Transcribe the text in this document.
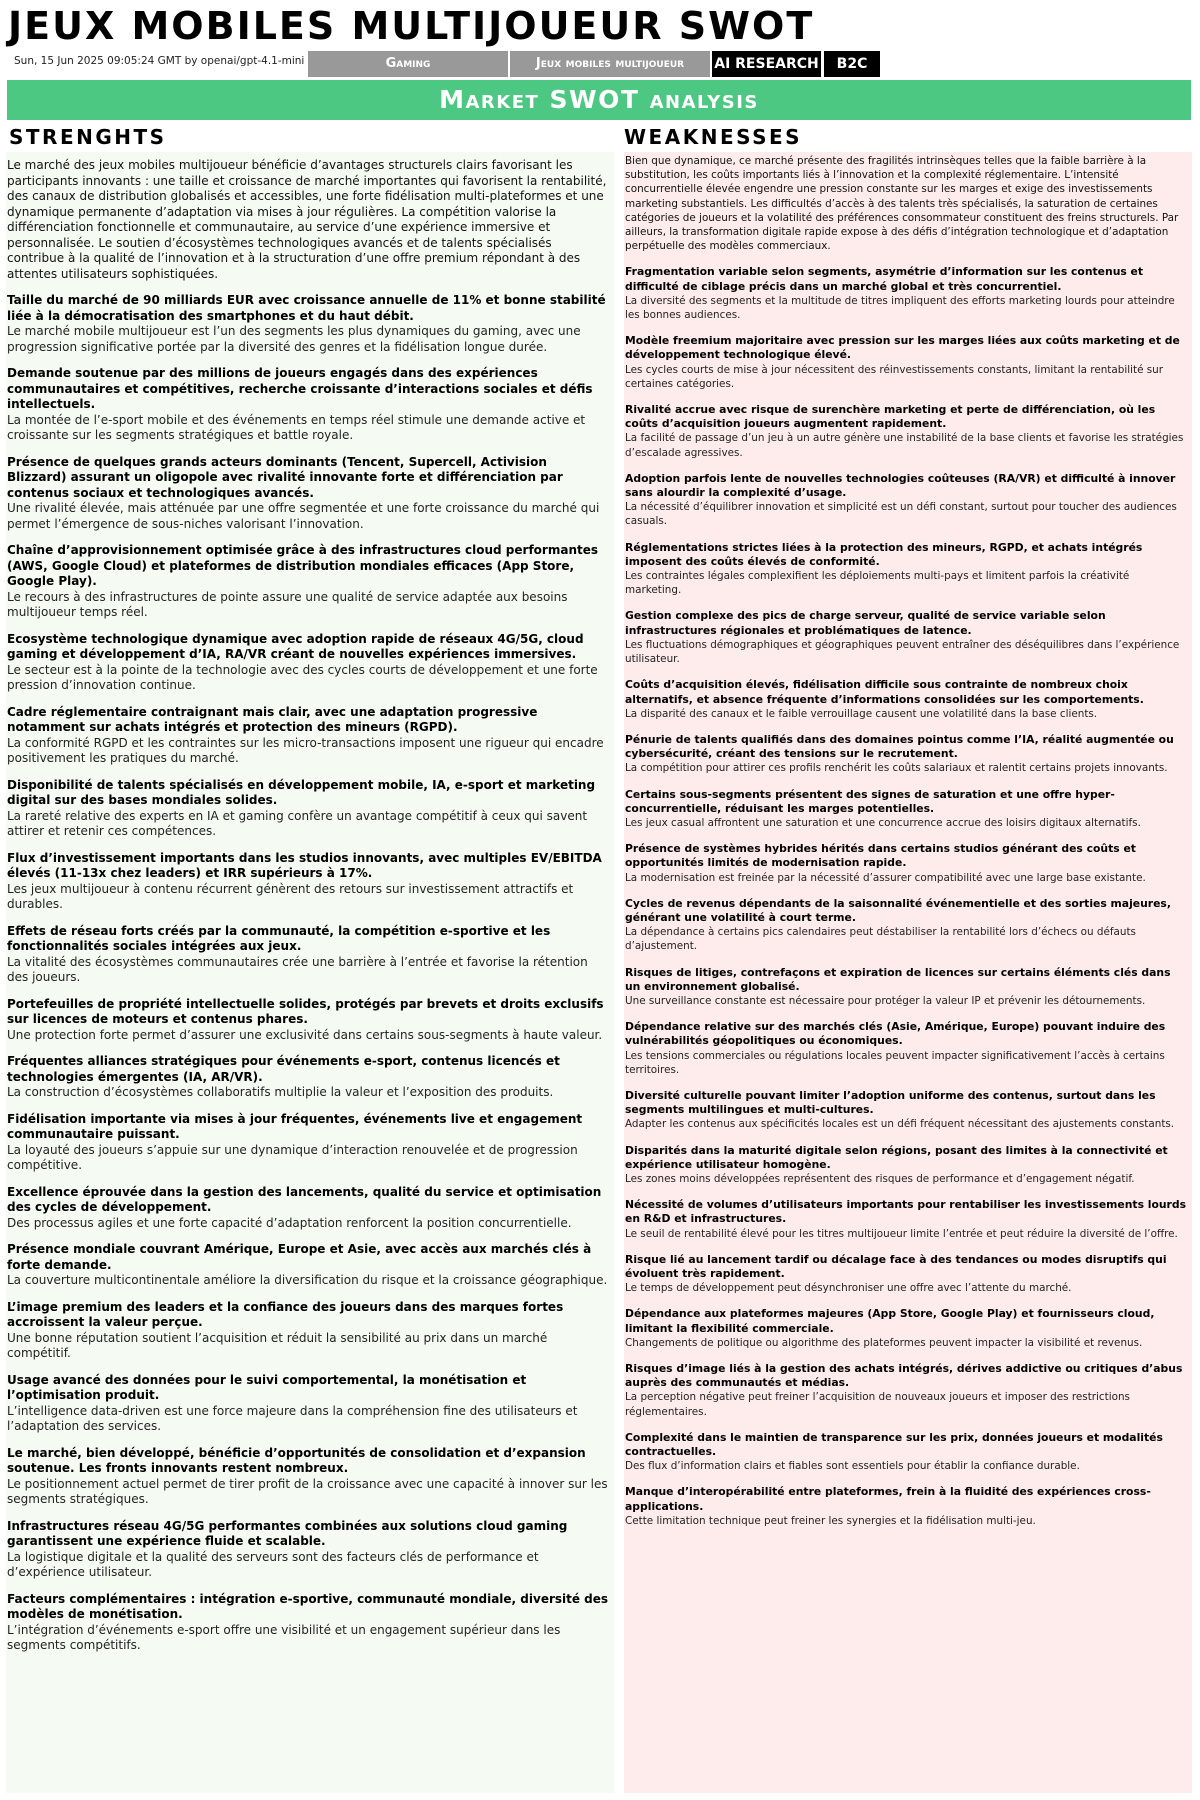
JEUX MOBILES MULTIJOUEUR SWOT
Sun, 15 Jun 2025 09:05:24 GMT by openai/gpt-4.1-mini	Gaming	Jeux mobiles multijoueur	AI RESEARCH	B2C
Market SWOT analysis
STRENGHTS	WEAKNESSES

Le marché des jeux mobiles multijoueur bénéficie d’avantages structurels clairs favorisant les participants innovants : une taille et croissance de marché importantes qui favorisent la rentabilité, des canaux de distribution globalisés et accessibles, une forte fidélisation multi-plateformes et une dynamique permanente d’adaptation via mises à jour régulières. La compétition valorise la différenciation fonctionnelle et communautaire, au service d’une expérience immersive et personnalisée. Le soutien d’écosystèmes technologiques avancés et de talents spécialisés contribue à la qualité de l’innovation et à la structuration d’une offre premium répondant à des attentes utilisateurs sophistiquées.

Taille du marché de 90 milliards EUR avec croissance annuelle de 11% et bonne stabilité liée à la démocratisation des smartphones et du haut débit.
Le marché mobile multijoueur est l’un des segments les plus dynamiques du gaming, avec une progression significative portée par la diversité des genres et la fidélisation longue durée.
Demande soutenue par des millions de joueurs engagés dans des expériences communautaires et compétitives, recherche croissante d’interactions sociales et défis intellectuels.
La montée de l’e-sport mobile et des événements en temps réel stimule une demande active et croissante sur les segments stratégiques et battle royale.
Présence de quelques grands acteurs dominants (Tencent, Supercell, Activision Blizzard) assurant un oligopole avec rivalité innovante forte et différenciation par contenus sociaux et technologiques avancés.
Une rivalité élevée, mais atténuée par une offre segmentée et une forte croissance du marché qui permet l’émergence de sous-niches valorisant l’innovation.
Chaîne d’approvisionnement optimisée grâce à des infrastructures cloud performantes (AWS, Google Cloud) et plateformes de distribution mondiales efficaces (App Store, Google Play).
Le recours à des infrastructures de pointe assure une qualité de service adaptée aux besoins multijoueur temps réel.
Ecosystème technologique dynamique avec adoption rapide de réseaux 4G/5G, cloud gaming et développement d’IA, RA/VR créant de nouvelles expériences immersives.
Le secteur est à la pointe de la technologie avec des cycles courts de développement et une forte pression d’innovation continue.
Cadre réglementaire contraignant mais clair, avec une adaptation progressive notamment sur achats intégrés et protection des mineurs (RGPD).
La conformité RGPD et les contraintes sur les micro-transactions imposent une rigueur qui encadre positivement les pratiques du marché.
Disponibilité de talents spécialisés en développement mobile, IA, e-sport et marketing digital sur des bases mondiales solides.
La rareté relative des experts en IA et gaming confère un avantage compétitif à ceux qui savent attirer et retenir ces compétences.
Flux d’investissement importants dans les studios innovants, avec multiples EV/EBITDA élevés (11-13x chez leaders) et IRR supérieurs à 17%.
Les jeux multijoueur à contenu récurrent génèrent des retours sur investissement attractifs et durables.
Effets de réseau forts créés par la communauté, la compétition e-sportive et les fonctionnalités sociales intégrées aux jeux.
La vitalité des écosystèmes communautaires crée une barrière à l’entrée et favorise la rétention des joueurs.
Portefeuilles de propriété intellectuelle solides, protégés par brevets et droits exclusifs sur licences de moteurs et contenus phares.
Une protection forte permet d’assurer une exclusivité dans certains sous-segments à haute valeur.
Fréquentes alliances stratégiques pour événements e-sport, contenus licencés et technologies émergentes (IA, AR/VR).
La construction d’écosystèmes collaboratifs multiplie la valeur et l’exposition des produits.
Fidélisation importante via mises à jour fréquentes, événements live et engagement communautaire puissant.
La loyauté des joueurs s’appuie sur une dynamique d’interaction renouvelée et de progression compétitive.
Excellence éprouvée dans la gestion des lancements, qualité du service et optimisation des cycles de développement.
Des processus agiles et une forte capacité d’adaptation renforcent la position concurrentielle.
Présence mondiale couvrant Amérique, Europe et Asie, avec accès aux marchés clés à forte demande.
La couverture multicontinentale améliore la diversification du risque et la croissance géographique.
L’image premium des leaders et la confiance des joueurs dans des marques fortes accroissent la valeur perçue.
Une bonne réputation soutient l’acquisition et réduit la sensibilité au prix dans un marché compétitif.
Usage avancé des données pour le suivi comportemental, la monétisation et l’optimisation produit.
L’intelligence data-driven est une force majeure dans la compréhension fine des utilisateurs et l’adaptation des services.
Le marché, bien développé, bénéficie d’opportunités de consolidation et d’expansion soutenue. Les fronts innovants restent nombreux.
Le positionnement actuel permet de tirer profit de la croissance avec une capacité à innover sur les segments stratégiques.
Infrastructures réseau 4G/5G performantes combinées aux solutions cloud gaming garantissent une expérience fluide et scalable.
La logistique digitale et la qualité des serveurs sont des facteurs clés de performance et d’expérience utilisateur.
Facteurs complémentaires : intégration e-sportive, communauté mondiale, diversité des modèles de monétisation.
L’intégration d’événements e-sport offre une visibilité et un engagement supérieur dans les segments compétitifs.

Bien que dynamique, ce marché présente des fragilités intrinsèques telles que la faible barrière à la substitution, les coûts importants liés à l’innovation et la complexité réglementaire. L’intensité concurrentielle élevée engendre une pression constante sur les marges et exige des investissements marketing substantiels. Les difficultés d’accès à des talents très spécialisés, la saturation de certaines catégories de joueurs et la volatilité des préférences consommateur constituent des freins structurels. Par ailleurs, la transformation digitale rapide expose à des défis d’intégration technologique et d’adaptation perpétuelle des modèles commerciaux.

Fragmentation variable selon segments, asymétrie d’information sur les contenus et difficulté de ciblage précis dans un marché global et très concurrentiel.
La diversité des segments et la multitude de titres impliquent des efforts marketing lourds pour atteindre les bonnes audiences.
Modèle freemium majoritaire avec pression sur les marges liées aux coûts marketing et de développement technologique élevé.
Les cycles courts de mise à jour nécessitent des réinvestissements constants, limitant la rentabilité sur certaines catégories.
Rivalité accrue avec risque de surenchère marketing et perte de différenciation, où les coûts d’acquisition joueurs augmentent rapidement.
La facilité de passage d’un jeu à un autre génère une instabilité de la base clients et favorise les stratégies d’escalade agressives.
Adoption parfois lente de nouvelles technologies coûteuses (RA/VR) et difficulté à innover sans alourdir la complexité d’usage.
La nécessité d’équilibrer innovation et simplicité est un défi constant, surtout pour toucher des audiences casuals.
Réglementations strictes liées à la protection des mineurs, RGPD, et achats intégrés imposent des coûts élevés de conformité.
Les contraintes légales complexifient les déploiements multi-pays et limitent parfois la créativité marketing.
Gestion complexe des pics de charge serveur, qualité de service variable selon infrastructures régionales et problématiques de latence.
Les fluctuations démographiques et géographiques peuvent entraîner des déséquilibres dans l’expérience utilisateur.
Coûts d’acquisition élevés, fidélisation difficile sous contrainte de nombreux choix alternatifs, et absence fréquente d’informations consolidées sur les comportements.
La disparité des canaux et le faible verrouillage causent une volatilité dans la base clients.
Pénurie de talents qualifiés dans des domaines pointus comme l’IA, réalité augmentée ou cybersécurité, créant des tensions sur le recrutement.
La compétition pour attirer ces profils renchérit les coûts salariaux et ralentit certains projets innovants.
Certains sous-segments présentent des signes de saturation et une offre hyper-concurrentielle, réduisant les marges potentielles.
Les jeux casual affrontent une saturation et une concurrence accrue des loisirs digitaux alternatifs.
Présence de systèmes hybrides hérités dans certains studios générant des coûts et opportunités limités de modernisation rapide.
La modernisation est freinée par la nécessité d’assurer compatibilité avec une large base existante.
Cycles de revenus dépendants de la saisonnalité événementielle et des sorties majeures, générant une volatilité à court terme.
La dépendance à certains pics calendaires peut déstabiliser la rentabilité lors d’échecs ou défauts d’ajustement.
Risques de litiges, contrefaçons et expiration de licences sur certains éléments clés dans un environnement globalisé.
Une surveillance constante est nécessaire pour protéger la valeur IP et prévenir les détournements.
Dépendance relative sur des marchés clés (Asie, Amérique, Europe) pouvant induire des vulnérabilités géopolitiques ou économiques.
Les tensions commerciales ou régulations locales peuvent impacter significativement l’accès à certains territoires.
Diversité culturelle pouvant limiter l’adoption uniforme des contenus, surtout dans les segments multilingues et multi-cultures.
Adapter les contenus aux spécificités locales est un défi fréquent nécessitant des ajustements constants.
Disparités dans la maturité digitale selon régions, posant des limites à la connectivité et expérience utilisateur homogène.
Les zones moins développées représentent des risques de performance et d’engagement négatif.
Nécessité de volumes d’utilisateurs importants pour rentabiliser les investissements lourds en R&D et infrastructures.
Le seuil de rentabilité élevé pour les titres multijoueur limite l’entrée et peut réduire la diversité de l’offre.
Risque lié au lancement tardif ou décalage face à des tendances ou modes disruptifs qui évoluent très rapidement.
Le temps de développement peut désynchroniser une offre avec l’attente du marché.
Dépendance aux plateformes majeures (App Store, Google Play) et fournisseurs cloud, limitant la flexibilité commerciale.
Changements de politique ou algorithme des plateformes peuvent impacter la visibilité et revenus.
Risques d’image liés à la gestion des achats intégrés, dérives addictive ou critiques d’abus auprès des communautés et médias.
La perception négative peut freiner l’acquisition de nouveaux joueurs et imposer des restrictions réglementaires.
Complexité dans le maintien de transparence sur les prix, données joueurs et modalités contractuelles.
Des flux d’information clairs et fiables sont essentiels pour établir la confiance durable.
Manque d’interopérabilité entre plateformes, frein à la fluidité des expériences cross-applications.
Cette limitation technique peut freiner les synergies et la fidélisation multi-jeu.
